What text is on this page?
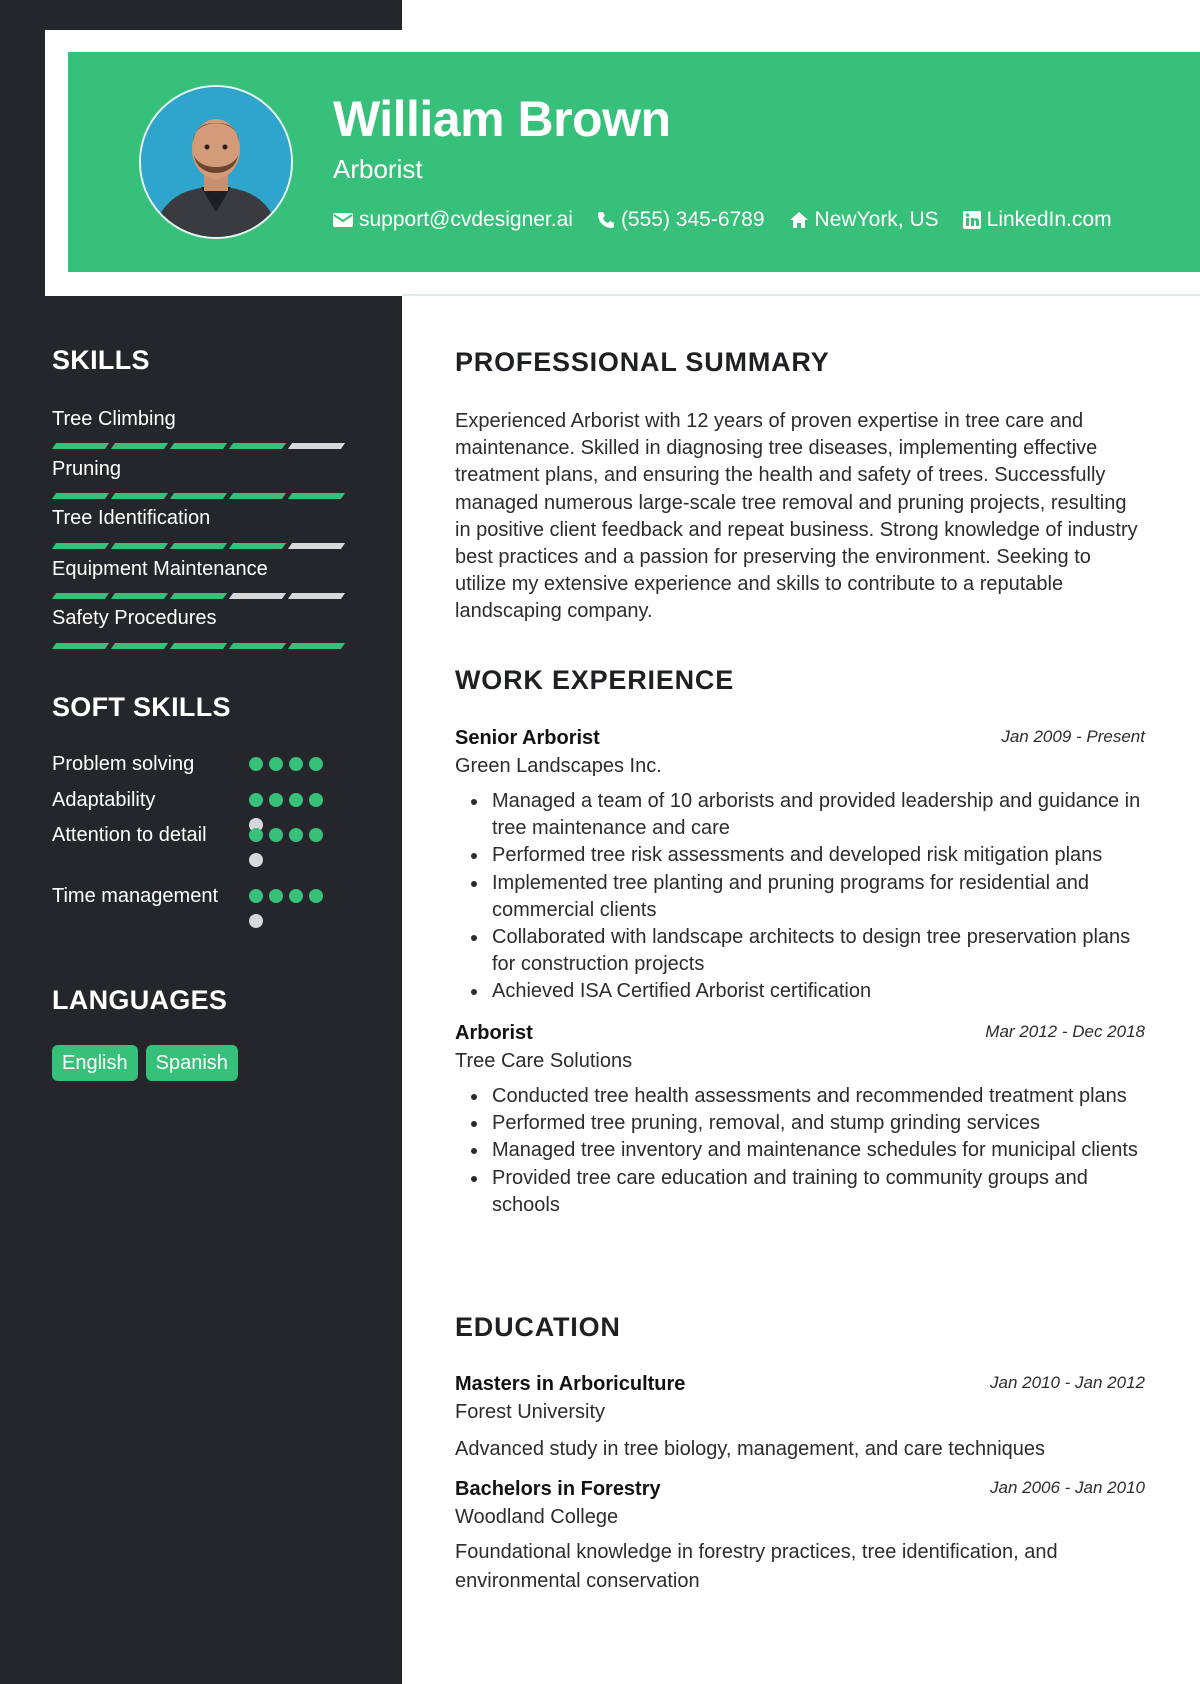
William Brown
Arborist
support@cvdesigner.ai (555) 345-6789 NewYork, US LinkedIn.com
SKILLS
Tree Climbing
Pruning
Tree Identification
Equipment Maintenance
Safety Procedures
SOFT SKILLS
Problem solving
Adaptability
Attention to detail
Time management
LANGUAGES
English	Spanish
PROFESSIONAL SUMMARY

Experienced Arborist with 12 years of proven expertise in tree care and maintenance. Skilled in diagnosing tree diseases, implementing effective treatment plans, and ensuring the health and safety of trees. Successfully managed numerous large-scale tree removal and pruning projects, resulting in positive client feedback and repeat business. Strong knowledge of industry best practices and a passion for preserving the environment. Seeking to utilize my extensive experience and skills to contribute to a reputable landscaping company.

WORK EXPERIENCE
Senior Arborist	Jan 2009 - Present
Green Landscapes Inc.
Managed a team of 10 arborists and provided leadership and guidance in tree maintenance and care
Performed tree risk assessments and developed risk mitigation plans
Implemented tree planting and pruning programs for residential and commercial clients
Collaborated with landscape architects to design tree preservation plans for construction projects
Achieved ISA Certified Arborist certification
Arborist	Mar 2012 - Dec 2018
Tree Care Solutions
Conducted tree health assessments and recommended treatment plans
Performed tree pruning, removal, and stump grinding services
Managed tree inventory and maintenance schedules for municipal clients
Provided tree care education and training to community groups and schools
EDUCATION
Masters in Arboriculture	Jan 2010 - Jan 2012
Forest University
Advanced study in tree biology, management, and care techniques
Bachelors in Forestry	Jan 2006 - Jan 2010
Woodland College
Foundational knowledge in forestry practices, tree identification, and environmental conservation
